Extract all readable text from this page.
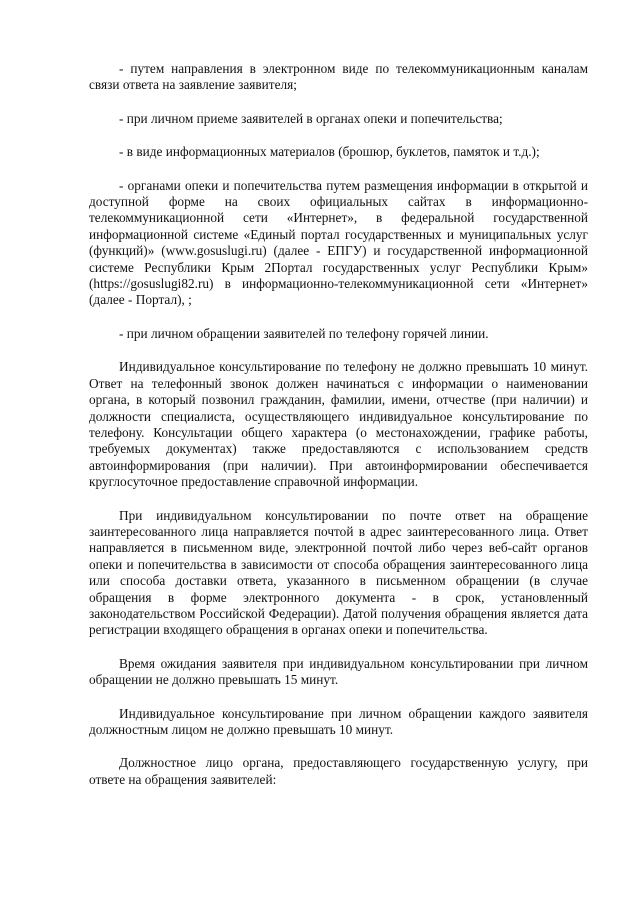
- путем направления в электронном виде по телекоммуникационным каналам связи ответа на заявление заявителя;

- при личном приеме заявителей в органах опеки и попечительства;

- в виде информационных материалов (брошюр, буклетов, памяток и т.д.);

- органами опеки и попечительства путем размещения информации в открытой и доступной форме на своих официальных сайтах в информационно-телекоммуникационной сети «Интернет», в федеральной государственной информационной системе «Единый портал государственных и муниципальных услуг (функций)» (www.gosuslugi.ru) (далее - ЕПГУ) и государственной информационной системе Республики Крым 2Портал государственных услуг Республики Крым» (https://gosuslugi82.ru) в информационно-телекоммуникационной сети «Интернет» (далее - Портал), ;

- при личном обращении заявителей по телефону горячей линии.

Индивидуальное консультирование по телефону не должно превышать 10 минут. Ответ на телефонный звонок должен начинаться с информации о наименовании органа, в который позвонил гражданин, фамилии, имени, отчестве (при наличии) и должности специалиста, осуществляющего индивидуальное консультирование по телефону. Консультации общего характера (о местонахождении, графике работы, требуемых документах) также предоставляются с использованием средств автоинформирования (при наличии). При автоинформировании обеспечивается круглосуточное предоставление справочной информации.

При индивидуальном консультировании по почте ответ на обращение заинтересованного лица направляется почтой в адрес заинтересованного лица. Ответ направляется в письменном виде, электронной почтой либо через веб-сайт органов опеки и попечительства в зависимости от способа обращения заинтересованного лица или способа доставки ответа, указанного в письменном обращении (в случае обращения в форме электронного документа - в срок, установленный законодательством Российской Федерации). Датой получения обращения является дата регистрации входящего обращения в органах опеки и попечительства.

Время ожидания заявителя при индивидуальном консультировании при личном обращении не должно превышать 15 минут.

Индивидуальное консультирование при личном обращении каждого заявителя должностным лицом не должно превышать 10 минут.

Должностное лицо органа, предоставляющего государственную услугу, при ответе на обращения заявителей:
